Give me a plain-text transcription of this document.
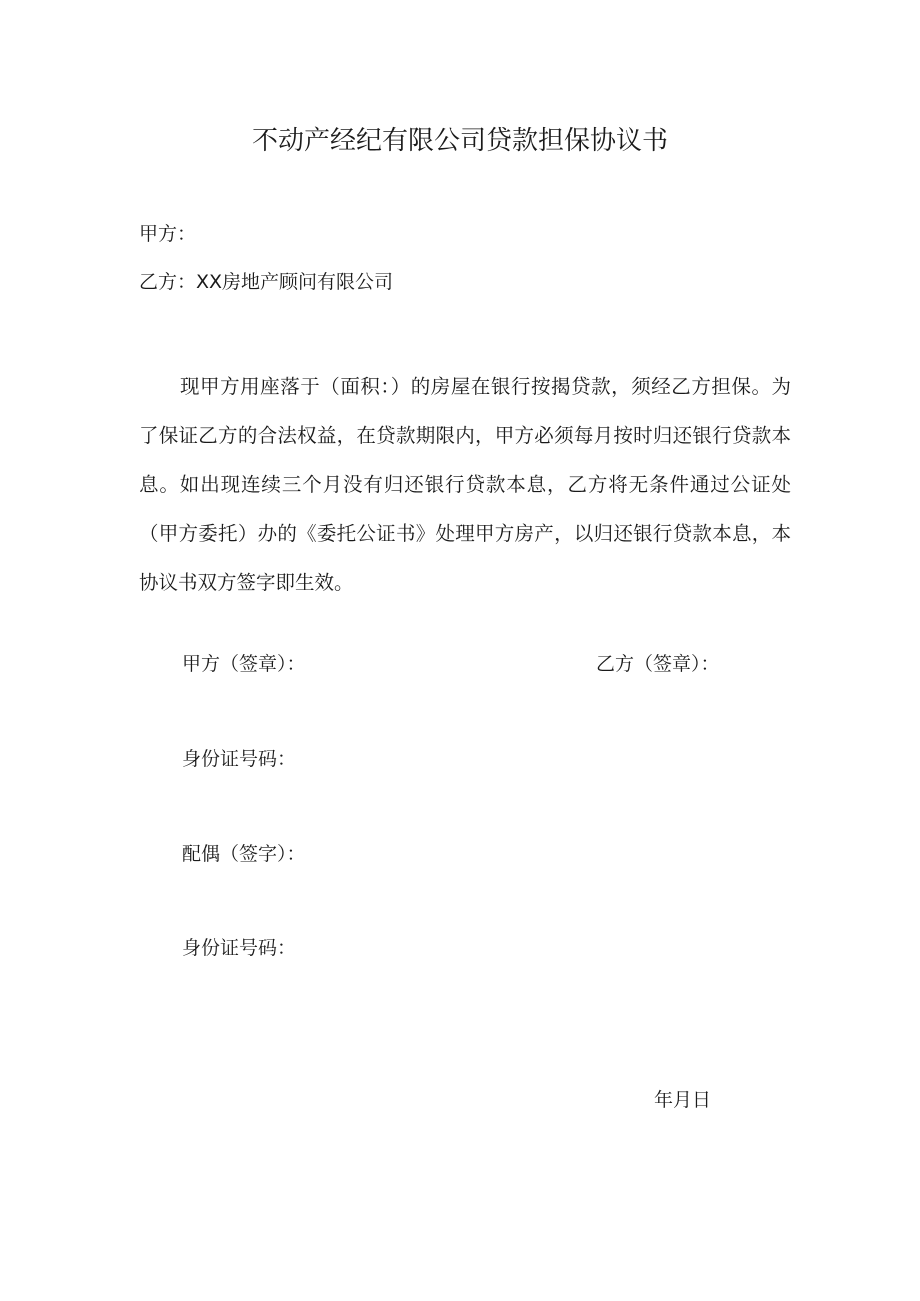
不动产经纪有限公司贷款担保协议书
甲方：
乙方：XX房地产顾问有限公司
现甲方用座落于（面积：）的房屋在银行按揭贷款，须经乙方担保。为了保证乙方的合法权益，在贷款期限内，甲方必须每月按时归还银行贷款本息。如出现连续三个月没有归还银行贷款本息，乙方将无条件通过公证处（甲方委托）办的《委托公证书》处理甲方房产，以归还银行贷款本息，本协议书双方签字即生效。
甲方（签章）：	乙方（签章）：
身份证号码：
配偶（签字）：
身份证号码：
年月日
